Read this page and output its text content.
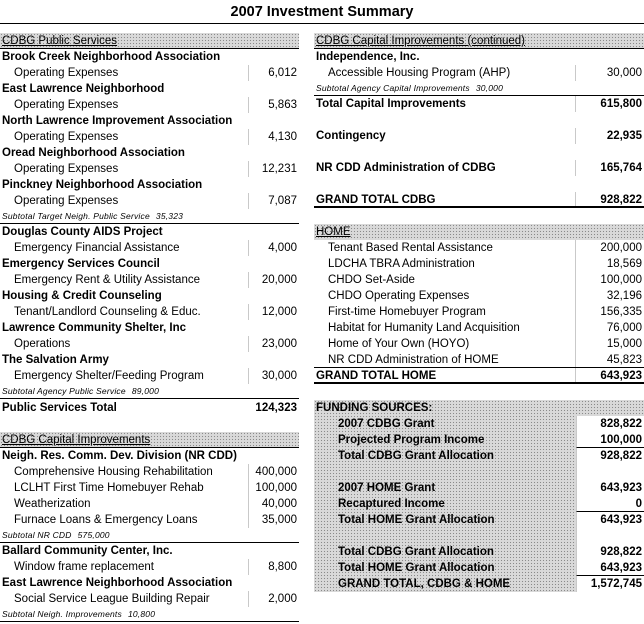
2007 Investment Summary
CDBG Public Services
Brook Creek Neighborhood Association
Operating Expenses	6,012
East Lawrence Neighborhood
Operating Expenses	5,863
North Lawrence Improvement Association
Operating Expenses	4,130
Oread Neighborhood Association
Operating Expenses	12,231
Pinckney Neighborhood Association
Operating Expenses	7,087
Subtotal Target Neigh. Public Service 35,323
Douglas County AIDS Project
Emergency Financial Assistance	4,000
Emergency Services Council
Emergency Rent & Utility Assistance	20,000
Housing & Credit Counseling
Tenant/Landlord Counseling & Educ.	12,000
Lawrence Community Shelter, Inc
Operations	23,000
The Salvation Army
Emergency Shelter/Feeding Program	30,000
Subtotal Agency Public Service 89,000
Public Services Total	124,323
CDBG Capital Improvements
Neigh. Res. Comm. Dev. Division (NR CDD)
Comprehensive Housing Rehabilitation	400,000
LCLHT First Time Homebuyer Rehab	100,000
Weatherization	40,000
Furnace Loans & Emergency Loans	35,000
Subtotal NR CDD 575,000
Ballard Community Center, Inc.
Window frame replacement	8,800
East Lawrence Neighborhood Association
Social Service League Building Repair	2,000
Subtotal Neigh. Improvements 10,800
CDBG Capital Improvements (continued)
Independence, Inc.
Accessible Housing Program (AHP)	30,000
Subtotal Agency Capital Improvements 30,000
Total Capital Improvements	615,800
Contingency	22,935
NR CDD Administration of CDBG	165,764
GRAND TOTAL CDBG	928,822
HOME
Tenant Based Rental Assistance	200,000
LDCHA TBRA Administration	18,569
CHDO Set-Aside	100,000
CHDO Operating Expenses	32,196
First-time Homebuyer Program	156,335
Habitat for Humanity Land Acquisition	76,000
Home of Your Own (HOYO)	15,000
NR CDD Administration of HOME	45,823
GRAND TOTAL HOME	643,923
FUNDING SOURCES:
2007 CDBG Grant	828,822
Projected Program Income	100,000
Total CDBG Grant Allocation	928,822
2007 HOME Grant	643,923
Recaptured Income	0
Total HOME Grant Allocation	643,923
Total CDBG Grant Allocation	928,822
Total HOME Grant Allocation	643,923
GRAND TOTAL, CDBG & HOME	1,572,745
